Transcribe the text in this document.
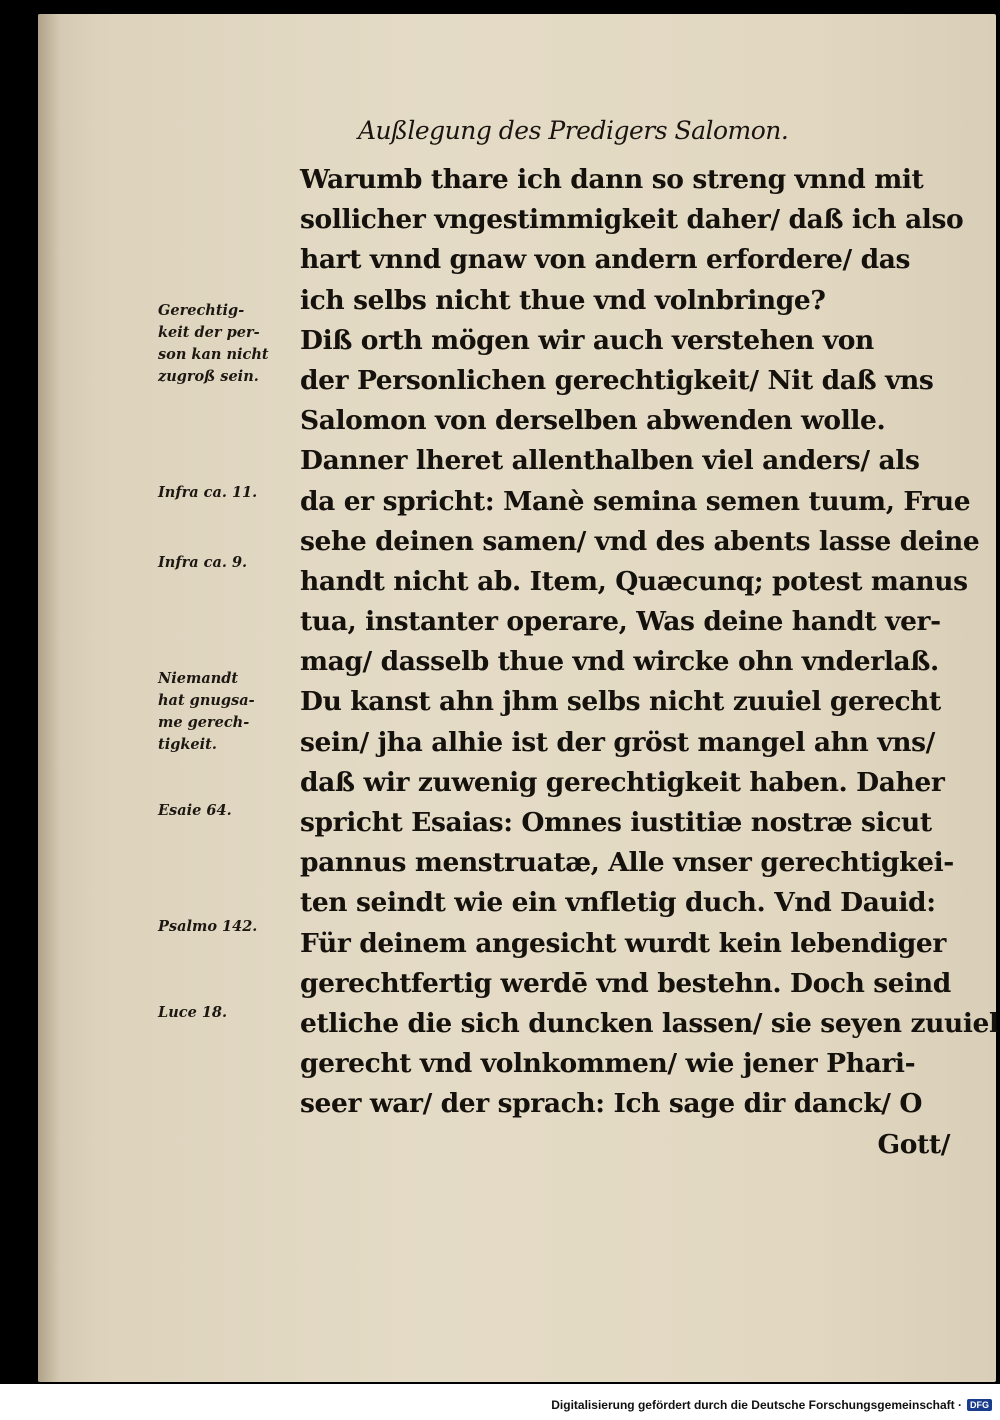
Außlegung des Predigers Salomon.
Warumb thare ich dann so streng vnnd mit
sollicher vngestimmigkeit daher/ daß ich also
hart vnnd gnaw von andern erfordere/ das
ich selbs nicht thue vnd volnbringe?
Diß orth mögen wir auch verstehen von
der Personlichen gerechtigkeit/ Nit daß vns
Salomon von derselben abwenden wolle.
Danner lheret allenthalben viel anders/ als
da er spricht: Manè semina semen tuum, Frue
sehe deinen samen/ vnd des abents lasse deine
handt nicht ab. Item, Quæcunq; potest manus
tua, instanter operare, Was deine handt ver-
mag/ dasselb thue vnd wircke ohn vnderlaß.
Du kanst ahn jhm selbs nicht zuuiel gerecht
sein/ jha alhie ist der gröst mangel ahn vns/
daß wir zuwenig gerechtigkeit haben. Daher
spricht Esaias: Omnes iustitiæ nostræ sicut
pannus menstruatæ, Alle vnser gerechtigkei-
ten seindt wie ein vnfletig duch. Vnd Dauid:
Für deinem angesicht wurdt kein lebendiger
gerechtfertig werdē vnd bestehn. Doch seind
etliche die sich duncken lassen/ sie seyen zuuiel
gerecht vnd volnkommen/ wie jener Phari-
seer war/ der sprach: Ich sage dir danck/ O
Gott/
Gerechtig-
keit der per-
son kan nicht
zugroß sein.
Infra ca. 11.
Infra ca. 9.
Niemandt
hat gnugsa-
me gerech-
tigkeit.
Esaie 64.
Psalmo 142.
Luce 18.
Digitalisierung gefördert durch die Deutsche Forschungsgemeinschaft · DFG
